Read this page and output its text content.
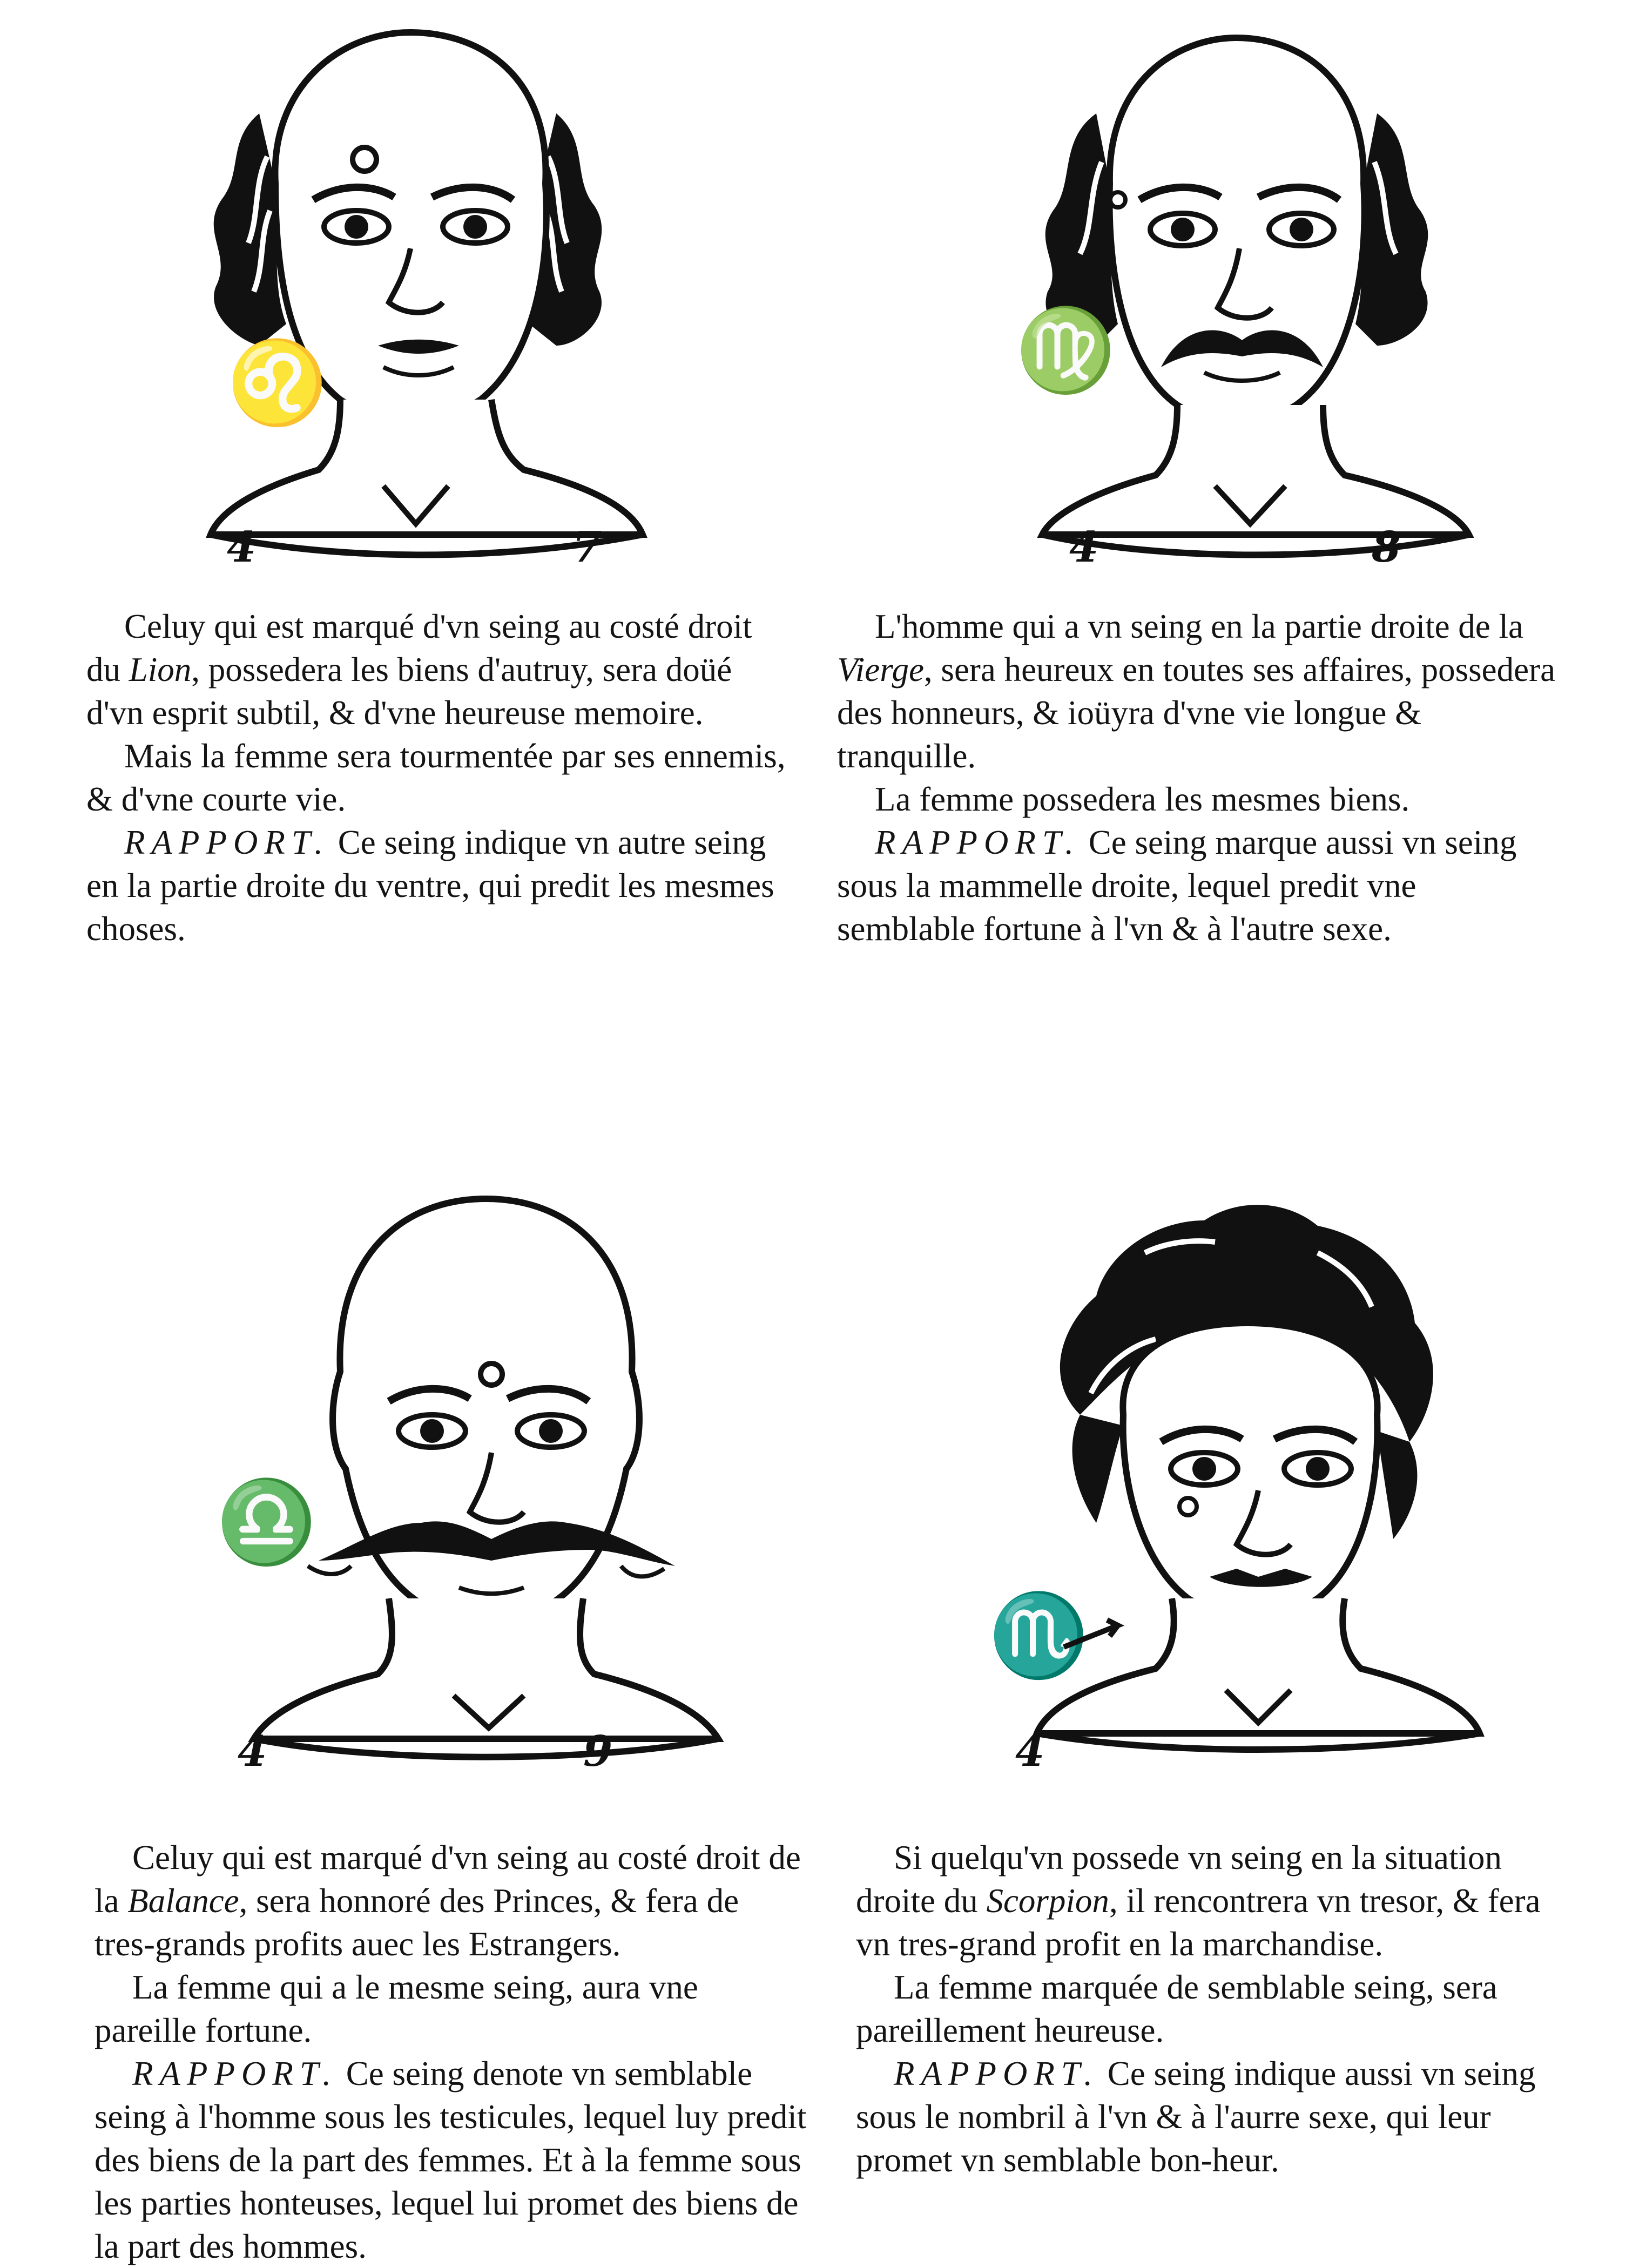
♌
4	7
♍
4	8

Celuy qui est marqué d'vn seing au costé droit du Lion, possedera les biens d'autruy, sera doüé d'vn esprit subtil, & d'vne heureuse memoire.

Mais la femme sera tourmentée par ses ennemis, & d'vne courte vie.

RAPPORT. Ce seing indique vn autre seing en la partie droite du ventre, qui predit les mesmes choses.

L'homme qui a vn seing en la partie droite de la Vierge, sera heureux en toutes ses affaires, possedera des honneurs, & ioüyra d'vne vie longue & tranquille.

La femme possedera les mesmes biens.

RAPPORT. Ce seing marque aussi vn seing sous la mammelle droite, lequel predit vne semblable fortune à l'vn & à l'autre sexe.

♎
4	9
♏
4

Celuy qui est marqué d'vn seing au costé droit de la Balance, sera honnoré des Princes, & fera de tres-grands profits auec les Estrangers.

La femme qui a le mesme seing, aura vne pareille fortune.

RAPPORT. Ce seing denote vn semblable seing à l'homme sous les testicules, lequel luy predit des biens de la part des femmes. Et à la femme sous les parties honteuses, lequel lui promet des biens de la part des hommes.

Si quelqu'vn possede vn seing en la situation droite du Scorpion, il rencontrera vn tresor, & fera vn tres-grand profit en la marchandise.

La femme marquée de semblable seing, sera pareillement heureuse.

RAPPORT. Ce seing indique aussi vn seing sous le nombril à l'vn & à l'aurre sexe, qui leur promet vn semblable bon-heur.
